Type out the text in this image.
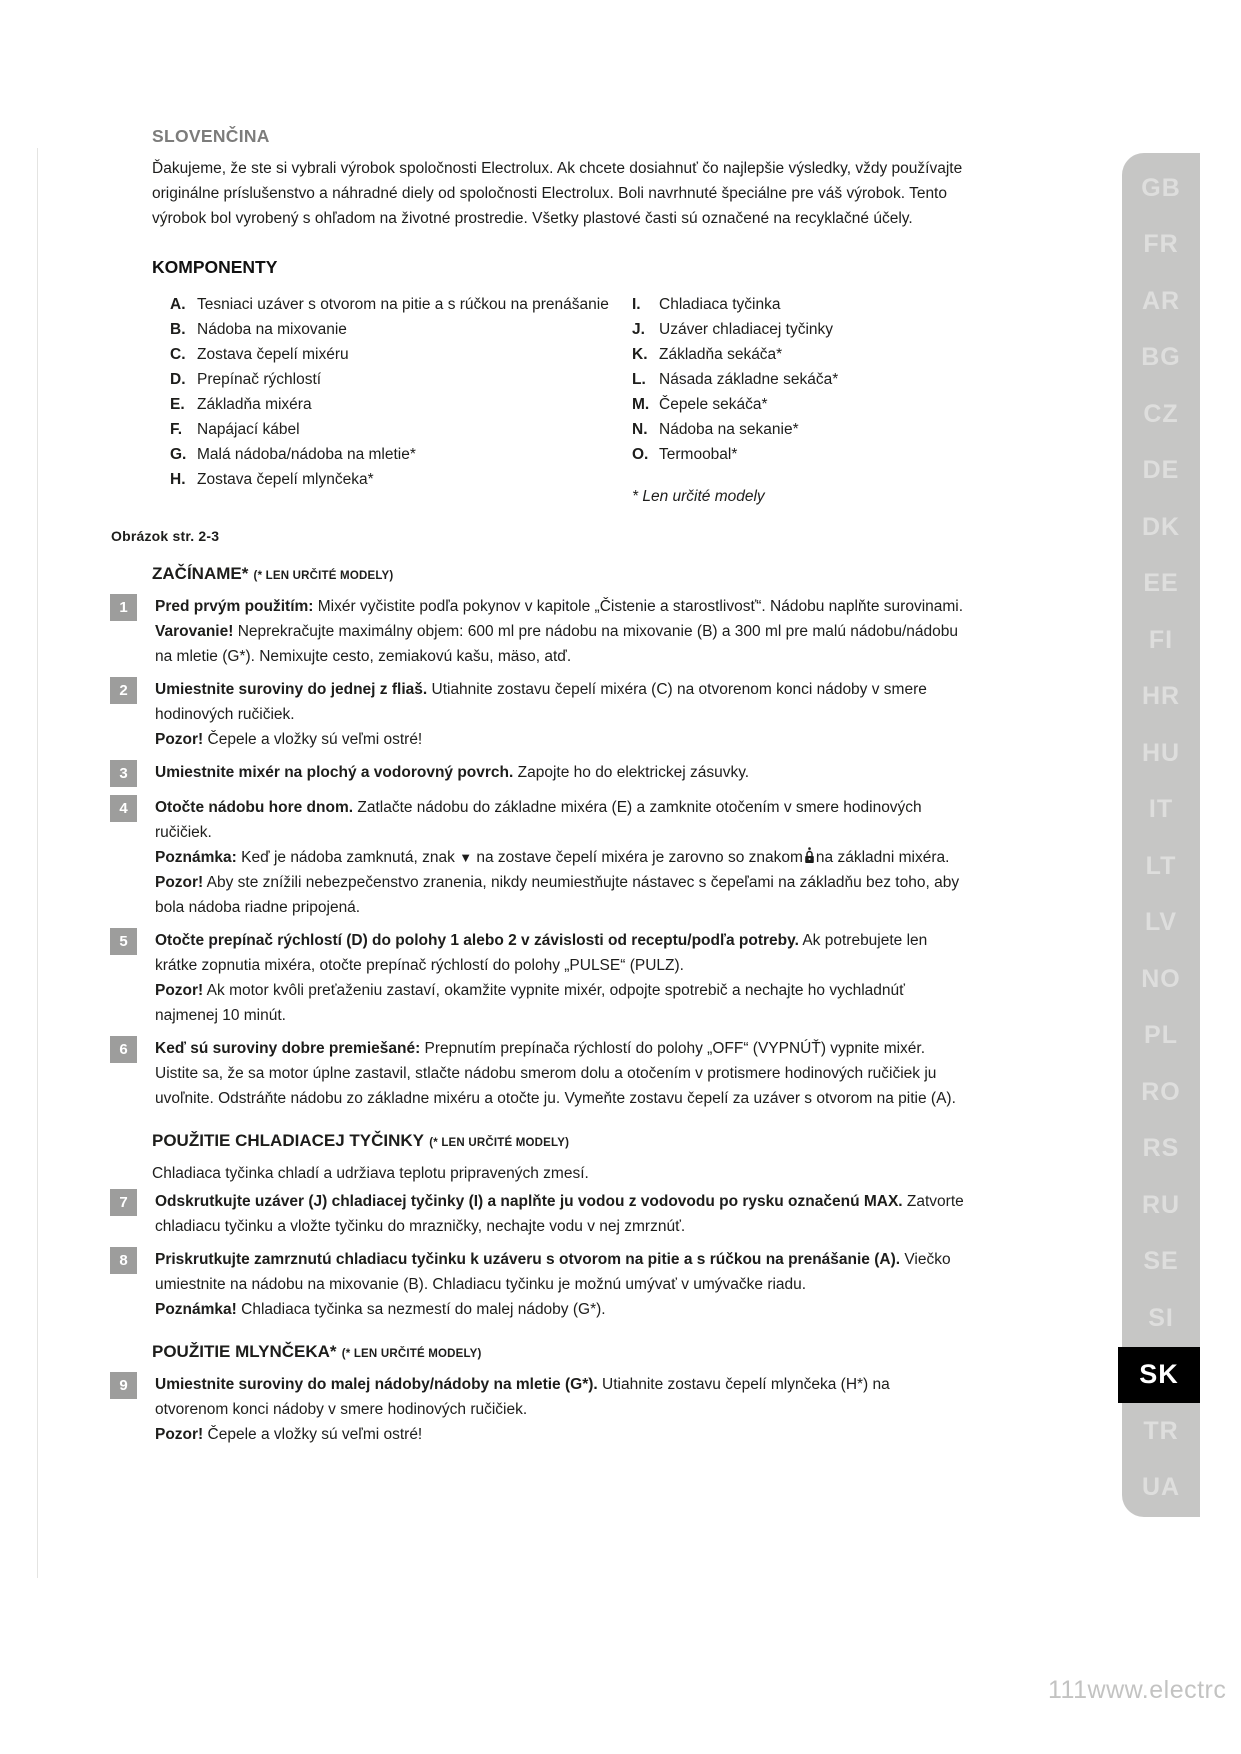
SLOVENČINA

Ďakujeme, že ste si vybrali výrobok spoločnosti Electrolux. Ak chcete dosiahnuť čo najlepšie výsledky, vždy používajte originálne príslušenstvo a náhradné diely od spoločnosti Electrolux. Boli navrhnuté špeciálne pre váš výrobok. Tento výrobok bol vyrobený s ohľadom na životné prostredie. Všetky plastové časti sú označené na recyklačné účely.

KOMPONENTY
A. Tesniaci uzáver s otvorom na pitie a s rúčkou na prenášanie
B. Nádoba na mixovanie
C. Zostava čepelí mixéru
D. Prepínač rýchlostí
E. Základňa mixéra
F. Napájací kábel
G. Malá nádoba/nádoba na mletie*
H. Zostava čepelí mlynčeka*
I.	Chladiaca tyčinka
J. Uzáver chladiacej tyčinky
K. Základňa sekáča*
L. Násada základne sekáča*
M. Čepele sekáča*
N. Nádoba na sekanie*
O. Termoobal*
* Len určité modely
Obrázok str. 2-3
ZAČÍNAME* (* LEN URČITÉ MODELY)
1	Pred prvým použitím: Mixér vyčistite podľa pokynov v kapitole „Čistenie a starostlivosť“. Nádobu naplňte surovinami.

Varovanie! Neprekračujte maximálny objem: 600 ml pre nádobu na mixovanie (B) a 300 ml pre malú nádobu/nádobu na mletie (G*). Nemixujte cesto, zemiakovú kašu, mäso, atď.

2	Umiestnite suroviny do jednej z fliaš. Utiahnite zostavu čepelí mixéra (C) na otvorenom konci nádoby v smere hodinových ručičiek.

Pozor! Čepele a vložky sú veľmi ostré!

3	Umiestnite mixér na plochý a vodorovný povrch. Zapojte ho do elektrickej zásuvky.

4	Otočte nádobu hore dnom. Zatlačte nádobu do základne mixéra (E) a zamknite otočením v smere hodinových ručičiek.

Poznámka: Keď je nádoba zamknutá, znak ▼ na zostave čepelí mixéra je zarovno so znakom na základni mixéra.

Pozor! Aby ste znížili nebezpečenstvo zranenia, nikdy neumiestňujte nástavec s čepeľami na základňu bez toho, aby bola nádoba riadne pripojená.

5	Otočte prepínač rýchlostí (D) do polohy 1 alebo 2 v závislosti od receptu/podľa potreby. Ak potrebujete len krátke zopnutia mixéra, otočte prepínač rýchlostí do polohy „PULSE“ (PULZ).

Pozor! Ak motor kvôli preťaženiu zastaví, okamžite vypnite mixér, odpojte spotrebič a nechajte ho vychladnúť najmenej 10 minút.

6	Keď sú suroviny dobre premiešané: Prepnutím prepínača rýchlostí do polohy „OFF“ (VYPNÚŤ) vypnite mixér. Uistite sa, že sa motor úplne zastavil, stlačte nádobu smerom dolu a otočením v protismere hodinových ručičiek ju uvoľnite. Odstráňte nádobu zo základne mixéru a otočte ju. Vymeňte zostavu čepelí za uzáver s otvorom na pitie (A).

POUŽITIE CHLADIACEJ TYČINKY (* LEN URČITÉ MODELY)

Chladiaca tyčinka chladí a udržiava teplotu pripravených zmesí.

7	Odskrutkujte uzáver (J) chladiacej tyčinky (I) a naplňte ju vodou z vodovodu po rysku označenú MAX. Zatvorte chladiacu tyčinku a vložte tyčinku do mrazničky, nechajte vodu v nej zmrznúť.

8	Priskrutkujte zamrznutú chladiacu tyčinku k uzáveru s otvorom na pitie a s rúčkou na prenášanie (A). Viečko umiestnite na nádobu na mixovanie (B). Chladiacu tyčinku je možnú umývať v umývačke riadu.

Poznámka! Chladiaca tyčinka sa nezmestí do malej nádoby (G*).

POUŽITIE MLYNČEKA* (* LEN URČITÉ MODELY)
9	Umiestnite suroviny do malej nádoby/nádoby na mletie (G*). Utiahnite zostavu čepelí mlynčeka (H*) na otvorenom konci nádoby v smere hodinových ručičiek.

Pozor! Čepele a vložky sú veľmi ostré!

GB
FR
AR
BG
CZ
DE
DK
EE
FI
HR
HU
IT
LT
LV
NO
PL
RO
RS
RU
SE
SI
SK
TR
UA
111www.electrc
